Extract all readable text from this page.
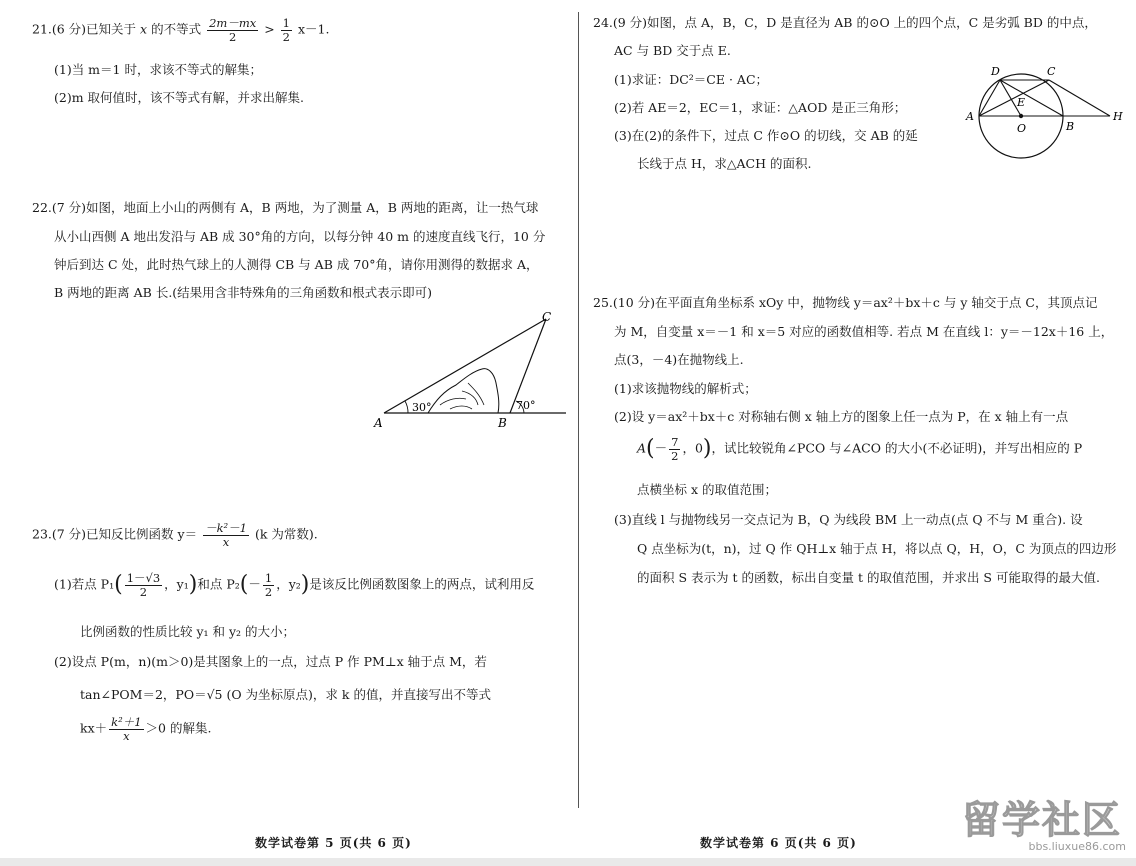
21.(6 分)已知关于 x 的不等式 $\frac{2m-mx}{2} > \frac{1}{2} x-1$.
(1)当 m＝1 时，求该不等式的解集；
(2)m 取何值时，该不等式有解，并求出解集.
22.(7 分)如图，地面上小山的两侧有 A，B 两地，为了测量 A，B 两地的距离，让一热气球
从小山西侧 A 地出发沿与 AB 成 30°角的方向，以每分钟 40 m 的速度直线飞行，10 分
钟后到达 C 处，此时热气球上的人测得 CB 与 AB 成 70°角，请你用测得的数据求 A，
B 两地的距离 AB 长.(结果用含非特殊角的三角函数和根式表示即可)
A	B
C
30°	70°
23.(7 分)已知反比例函数 $y= \frac{\text{－k²－1}}{x} (k$ 为常数).
(1)若点 $P_1( \frac{1-√3}{2}$ ，y₁)和点 $P_2(- \frac{1}{2}$ ，y₂)是该反比例函数图象上的两点，试利用反
比例函数的性质比较 y₁ 和 y₂ 的大小；
(2)设点 P(m，n)(m＞0)是其图象上的一点，过点 P 作 PM⊥x 轴于点 M，若
tan∠POM＝2，PO＝√5 (O 为坐标原点)，求 k 的值，并直接写出不等式
$kx+ \frac{\text{k²＋1}}{x} >0$ 的解集.
24.(9 分)如图，点 A，B，C，D 是直径为 AB 的⊙O 上的四个点，C 是劣弧 BD 的中点，
AC 与 BD 交于点 E.
(1)求证：DC²＝CE · AC；
(2)若 AE＝2，EC＝1，求证：△AOD 是正三角形；
(3)在(2)的条件下，过点 C 作⊙O 的切线，交 AB 的延
长线于点 H，求△ACH 的面积.
A
B
C
D
E
O
H
25.(10 分)在平面直角坐标系 xOy 中，抛物线 y＝ax²＋bx＋c 与 y 轴交于点 C，其顶点记
为 M，自变量 x＝－1 和 x＝5 对应的函数值相等. 若点 M 在直线 l：y＝－12x＋16 上，
点(3，－4)在抛物线上.
(1)求该抛物线的解析式；
(2)设 y＝ax²＋bx＋c 对称轴右侧 x 轴上方的图象上任一点为 P，在 x 轴上有一点
$A(- \frac{7}{2}$ ，0)，试比较锐角∠PCO 与∠ACO 的大小(不必证明)，并写出相应的 P
点横坐标 x 的取值范围；
(3)直线 l 与抛物线另一交点记为 B，Q 为线段 BM 上一动点(点 Q 不与 M 重合). 设
Q 点坐标为(t，n)，过 Q 作 QH⊥x 轴于点 H，将以点 Q，H，O，C 为顶点的四边形
的面积 S 表示为 t 的函数，标出自变量 t 的取值范围，并求出 S 可能取得的最大值.
数学试卷第 5 页(共 6 页)	数学试卷第 6 页(共 6 页)
留学社区
bbs.liuxue86.com
